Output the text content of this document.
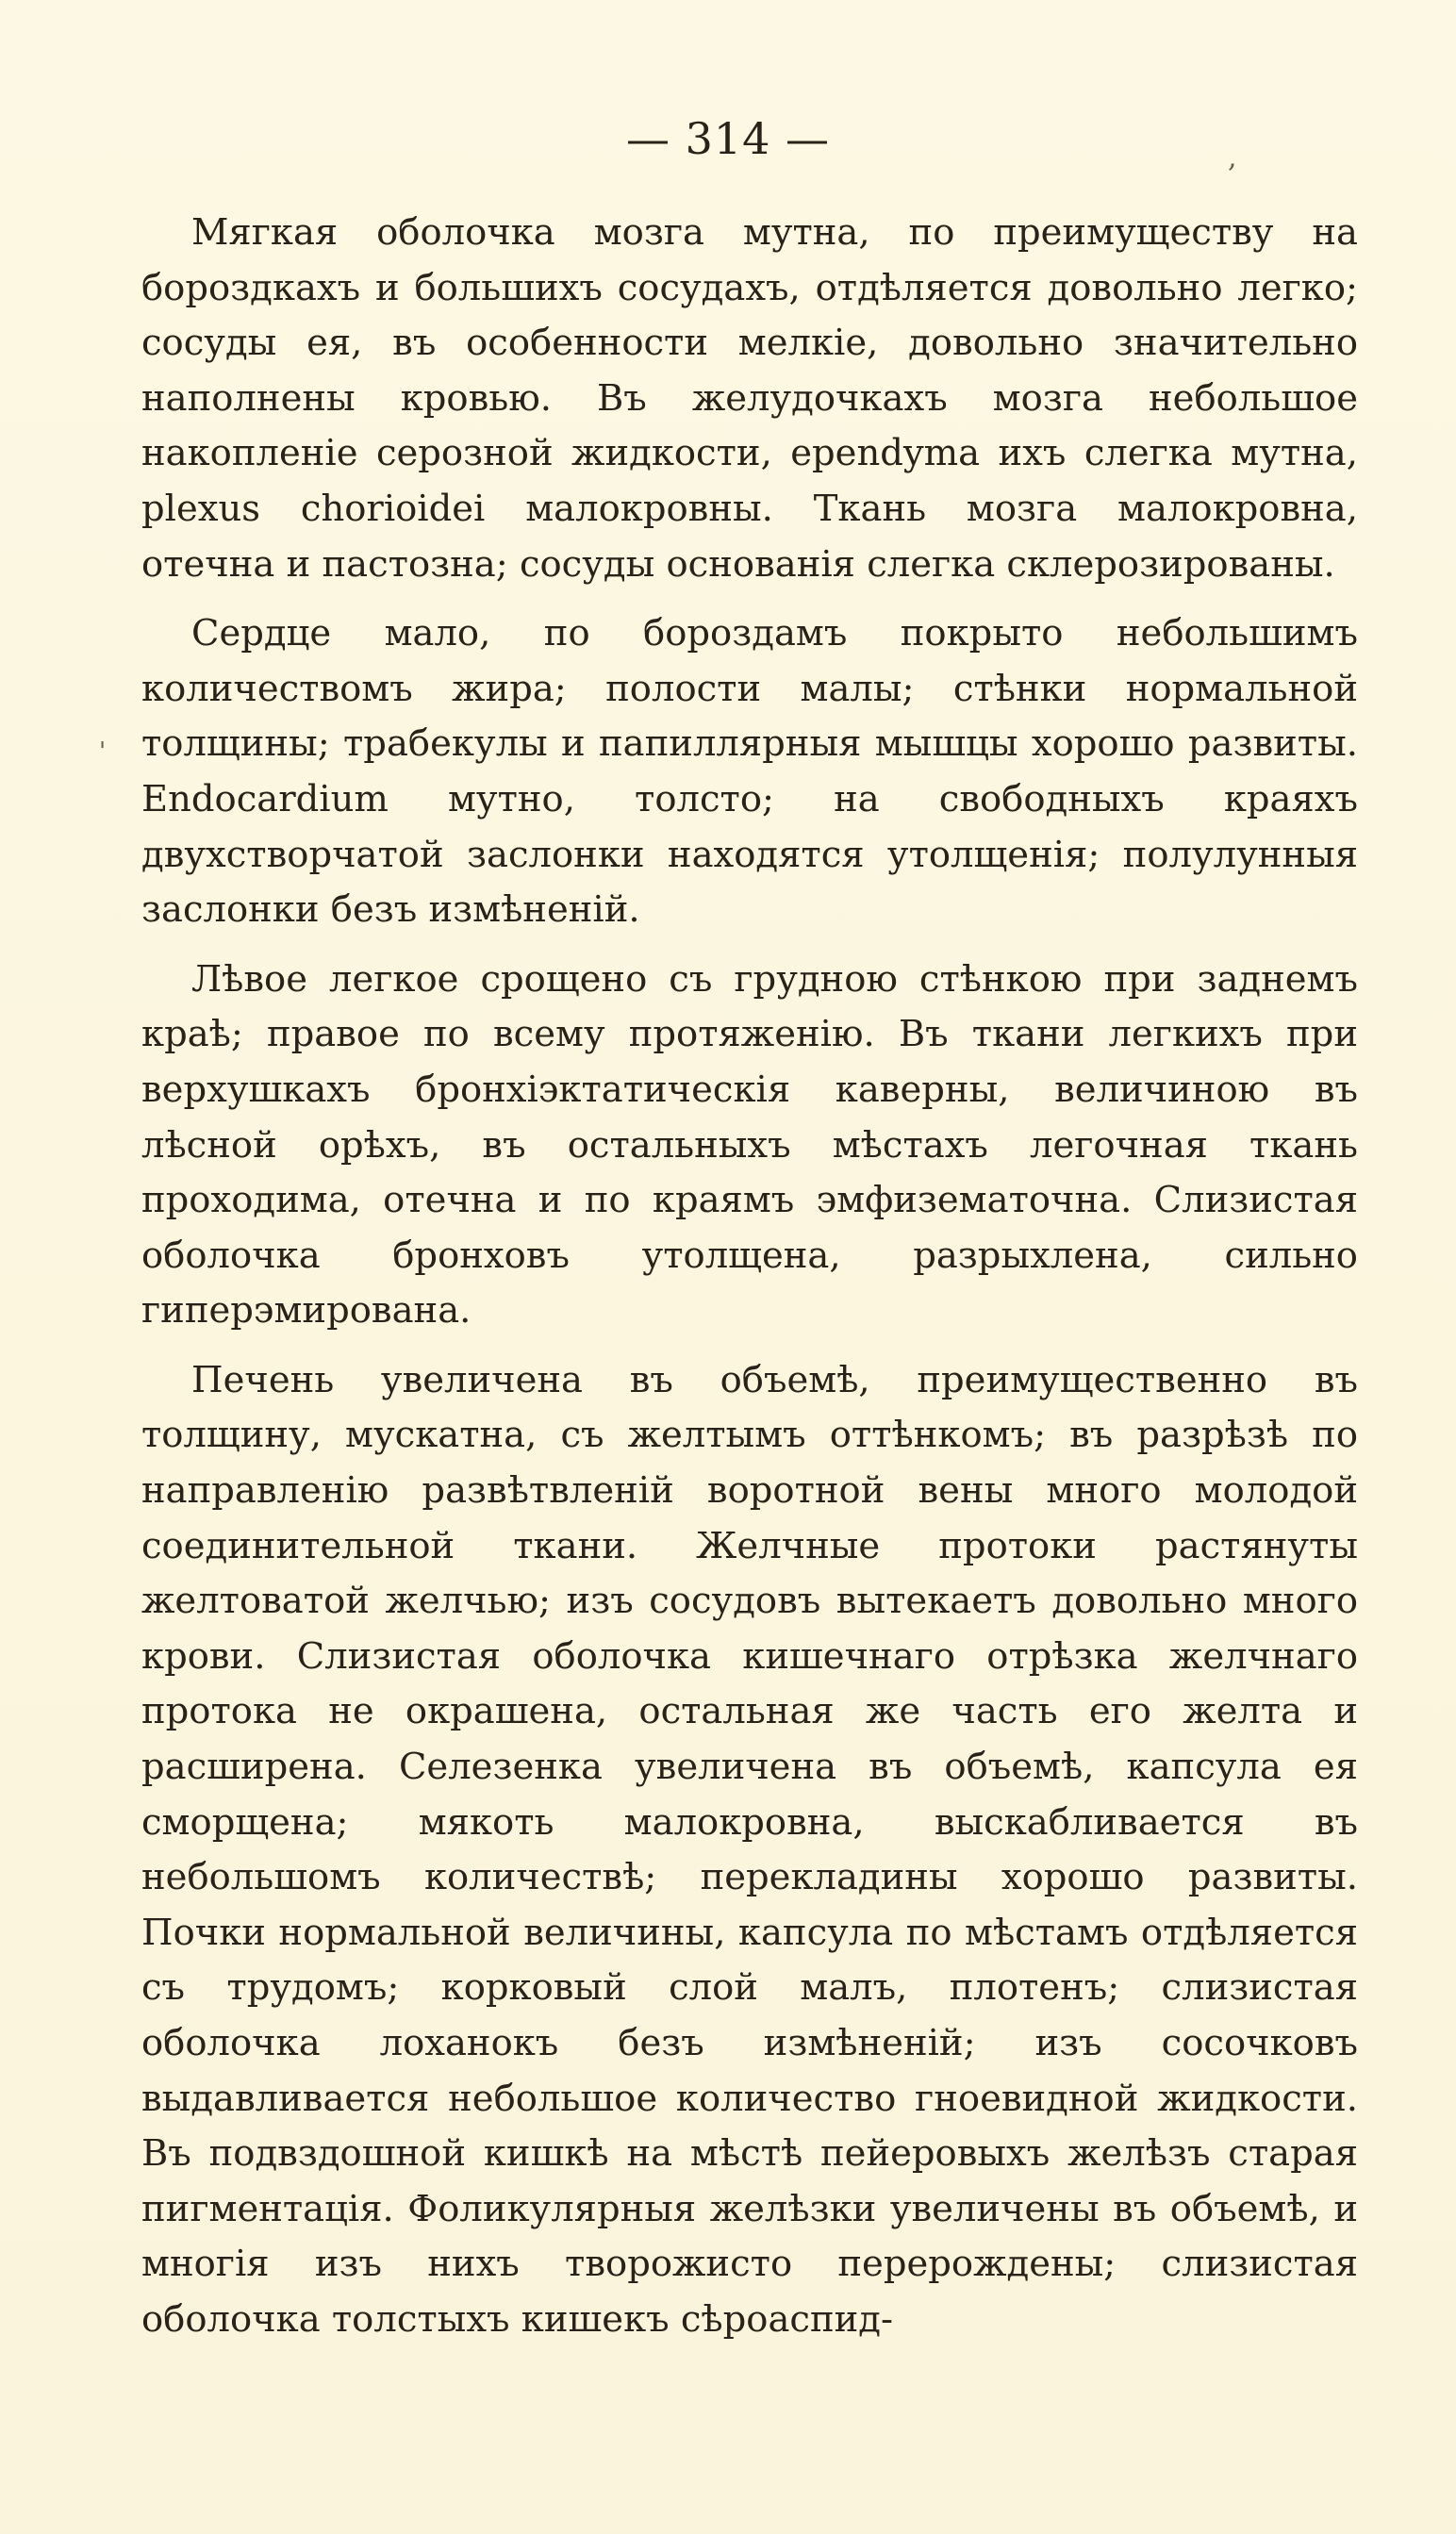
— 314 —	,
'

Мягкая оболочка мозга мутна, по преимуществу на бороздкахъ и большихъ сосудахъ, отдѣляется довольно легко; сосуды ея, въ особенности мелкіе, довольно значительно наполнены кровью. Въ желудочкахъ мозга небольшое накопленіе серозной жидкости, ependyma ихъ слегка мутна, plexus chorioidei малокровны. Ткань мозга малокровна, отечна и пастозна; сосуды основанія слегка склерозированы.

Сердце мало, по бороздамъ покрыто небольшимъ количествомъ жира; полости малы; стѣнки нормальной толщины; трабекулы и папиллярныя мышцы хорошо развиты. Endocardium мутно, толсто; на свободныхъ краяхъ двухстворчатой заслонки находятся утолщенія; полулунныя заслонки безъ измѣненій.

Лѣвое легкое срощено съ грудною стѣнкою при заднемъ краѣ; правое по всему протяженію. Въ ткани легкихъ при верхушкахъ бронхіэктатическія каверны, величиною въ лѣсной орѣхъ, въ остальныхъ мѣстахъ легочная ткань проходима, отечна и по краямъ эмфизематочна. Слизистая оболочка бронховъ утолщена, разрыхлена, сильно гиперэмирована.

Печень увеличена въ объемѣ, преимущественно въ толщину, мускатна, съ желтымъ оттѣнкомъ; въ разрѣзѣ по направленію развѣтвленій воротной вены много молодой соединительной ткани. Желчные протоки растянуты желтоватой желчью; изъ сосудовъ вытекаетъ довольно много крови. Слизистая оболочка кишечнаго отрѣзка желчнаго протока не окрашена, остальная же часть его желта и расширена. Селезенка увеличена въ объемѣ, капсула ея сморщена; мякоть малокровна, выскабливается въ небольшомъ количествѣ; перекладины хорошо развиты. Почки нормальной величины, капсула по мѣстамъ отдѣляется съ трудомъ; корковый слой малъ, плотенъ; слизистая оболочка лоханокъ безъ измѣненій; изъ сосочковъ выдавливается небольшое количество гноевидной жидкости. Въ подвздошной кишкѣ на мѣстѣ пейеровыхъ желѣзъ старая пигментація. Фоликулярныя желѣзки увеличены въ объемѣ, и многія изъ нихъ творожисто перерождены; слизистая оболочка толстыхъ кишекъ сѣроаспид-
